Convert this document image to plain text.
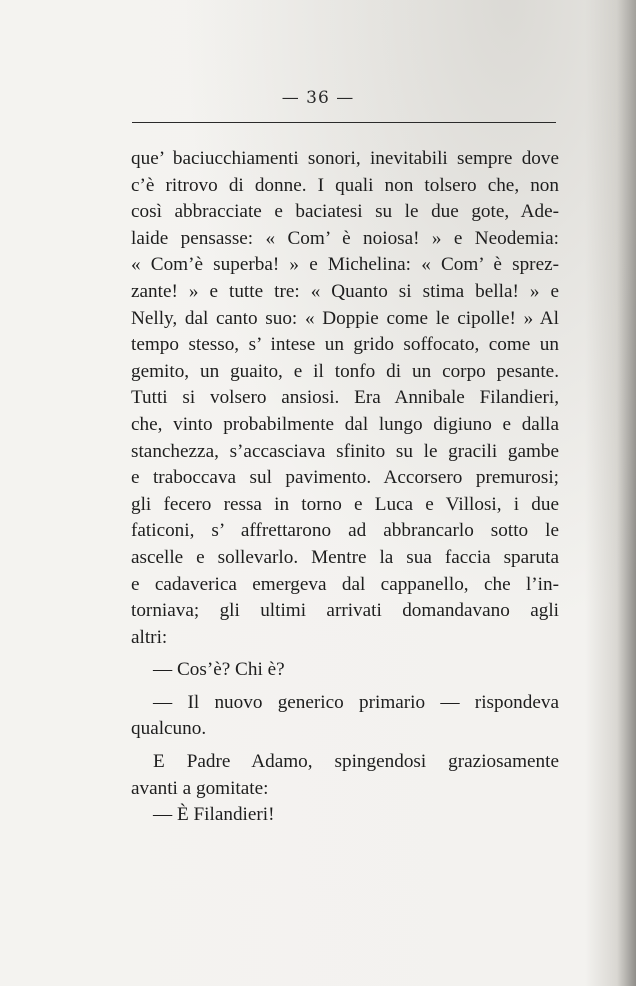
— 36 —
que’ baciucchiamenti sonori, inevitabili sempre dove
c’è ritrovo di donne. I quali non tolsero che, non
così abbracciate e baciatesi su le due gote, Ade-
laide pensasse: « Com’ è noiosa! » e Neodemia:
« Com’è superba! » e Michelina: « Com’ è sprez-
zante! » e tutte tre: « Quanto si stima bella! » e
Nelly, dal canto suo: « Doppie come le cipolle! » Al
tempo stesso, s’ intese un grido soffocato, come un
gemito, un guaito, e il tonfo di un corpo pesante.
Tutti si volsero ansiosi. Era Annibale Filandieri,
che, vinto probabilmente dal lungo digiuno e dalla
stanchezza, s’accasciava sfinito su le gracili gambe
e traboccava sul pavimento. Accorsero premurosi;
gli fecero ressa in torno e Luca e Villosi, i due
faticoni, s’ affrettarono ad abbrancarlo sotto le
ascelle e sollevarlo. Mentre la sua faccia sparuta
e cadaverica emergeva dal cappanello, che l’in-
torniava; gli ultimi arrivati domandavano agli
altri:
— Cos’è? Chi è?
— Il nuovo generico primario — rispondeva
qualcuno.
E Padre Adamo, spingendosi graziosamente
avanti a gomitate:
— È Filandieri!
